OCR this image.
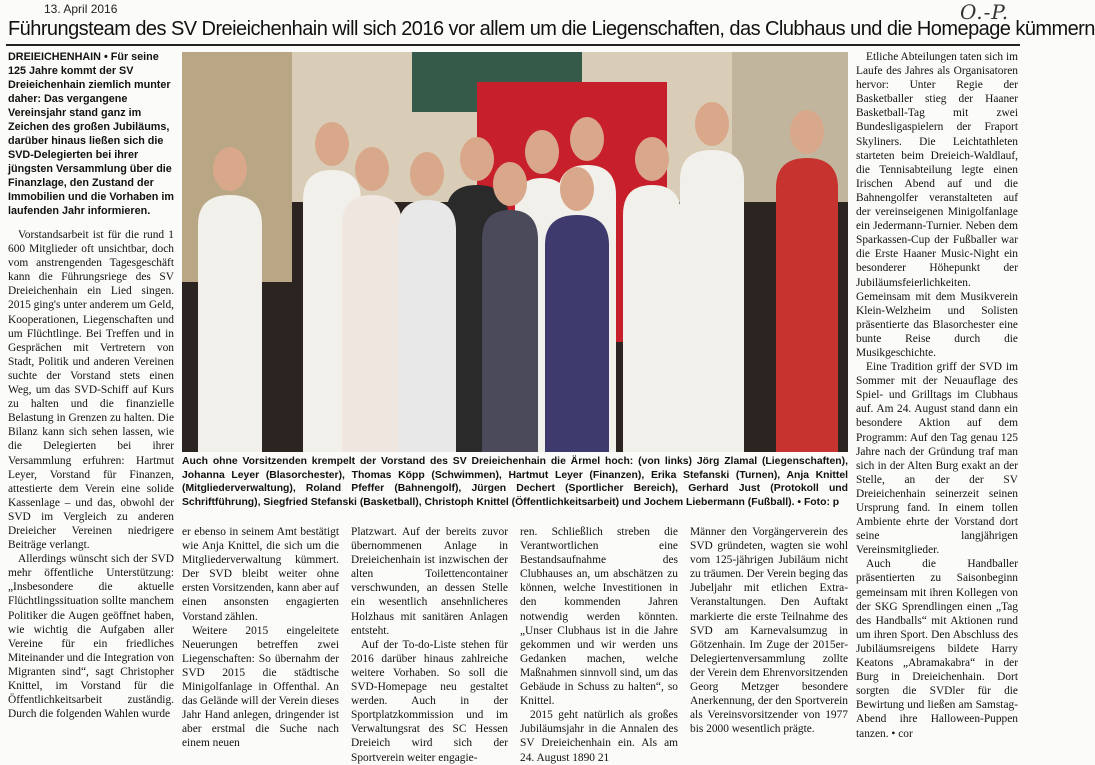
13. April 2016	O.-P.
Führungsteam des SV Dreieichenhain will sich 2016 vor allem um die Liegenschaften, das Clubhaus und die Homepage kümmern

DREIEICHENHAIN • Für seine 125 Jahre kommt der SV Dreieichenhain ziemlich munter daher: Das vergangene Vereinsjahr stand ganz im Zeichen des großen Jubiläums, darüber hinaus ließen sich die SVD-Delegierten bei ihrer jüngsten Versammlung über die Finanzlage, den Zustand der Immobilien und die Vorhaben im laufenden Jahr informieren.

Vorstandsarbeit ist für die rund 1 600 Mitglieder oft unsichtbar, doch vom anstrengenden Tagesgeschäft kann die Führungsriege des SV Dreieichenhain ein Lied singen. 2015 ging's unter anderem um Geld, Kooperationen, Liegenschaften und um Flüchtlinge. Bei Treffen und in Gesprächen mit Vertretern von Stadt, Politik und anderen Vereinen suchte der Vorstand stets einen Weg, um das SVD-Schiff auf Kurs zu halten und die finanzielle Belastung in Grenzen zu halten. Die Bilanz kann sich sehen lassen, wie die Delegierten bei ihrer Versammlung erfuhren: Hartmut Leyer, Vorstand für Finanzen, attestierte dem Verein eine solide Kassenlage – und das, obwohl der SVD im Vergleich zu anderen Dreieicher Vereinen niedrigere Beiträge verlangt.

Allerdings wünscht sich der SVD mehr öffentliche Unterstützung: „Insbesondere die aktuelle Flüchtlingssituation sollte manchem Politiker die Augen geöffnet haben, wie wichtig die Aufgaben aller Vereine für ein friedliches Miteinander und die Integration von Migranten sind“, sagt Christopher Knittel, im Vorstand für die Öffentlichkeitsarbeit zuständig. Durch die folgenden Wahlen wurde

Auch ohne Vorsitzenden krempelt der Vorstand des SV Dreieichenhain die Ärmel hoch: (von links) Jörg Zlamal (Liegenschaften), Johanna Leyer (Blasorchester), Thomas Köpp (Schwimmen), Hartmut Leyer (Finanzen), Erika Stefanski (Turnen), Anja Knittel (Mitgliederverwaltung), Roland Pfeffer (Bahnengolf), Jürgen Dechert (Sportlicher Bereich), Gerhard Just (Protokoll und Schriftführung), Siegfried Stefanski (Basketball), Christoph Knittel (Öffentlichkeitsarbeit) und Jochem Liebermann (Fußball). • Foto: p

er ebenso in seinem Amt bestätigt wie Anja Knittel, die sich um die Mitgliederverwaltung kümmert. Der SVD bleibt weiter ohne ersten Vorsitzenden, kann aber auf einen ansonsten engagierten Vorstand zählen.

Weitere 2015 eingeleitete Neuerungen betreffen zwei Liegenschaften: So übernahm der SVD 2015 die städtische Minigolfanlage in Offenthal. An das Gelände will der Verein dieses Jahr Hand anlegen, dringender ist aber erstmal die Suche nach einem neuen

Platzwart. Auf der bereits zuvor übernommenen Anlage in Dreieichenhain ist inzwischen der alten Toilettencontainer verschwunden, an dessen Stelle ein wesentlich ansehnlicheres Holzhaus mit sanitären Anlagen entsteht.

Auf der To-do-Liste stehen für 2016 darüber hinaus zahlreiche weitere Vorhaben. So soll die SVD-Homepage neu gestaltet werden. Auch in der Sportplatzkommission und im Verwaltungsrat des SC Hessen Dreieich wird sich der Sportverein weiter engagie-

ren. Schließlich streben die Verantwortlichen eine Bestandsaufnahme des Clubhauses an, um abschätzen zu können, welche Investitionen in den kommenden Jahren notwendig werden könnten. „Unser Clubhaus ist in die Jahre gekommen und wir werden uns Gedanken machen, welche Maßnahmen sinnvoll sind, um das Gebäude in Schuss zu halten“, so Knittel.

2015 geht natürlich als großes Jubiläumsjahr in die Annalen des SV Dreieichenhain ein. Als am 24. August 1890 21

Männer den Vorgängerverein des SVD gründeten, wagten sie wohl vom 125-jährigen Jubiläum nicht zu träumen. Der Verein beging das Jubeljahr mit etlichen Extra-Veranstaltungen. Den Auftakt markierte die erste Teilnahme des SVD am Karnevalsumzug in Götzenhain. Im Zuge der 2015er-Delegiertenversammlung zollte der Verein dem Ehrenvorsitzenden Georg Metzger besondere Anerkennung, der den Sportverein als Vereinsvorsitzender von 1977 bis 2000 wesentlich prägte.

Etliche Abteilungen taten sich im Laufe des Jahres als Organisatoren hervor: Unter Regie der Basketballer stieg der Haaner Basketball-Tag mit zwei Bundesligaspielern der Fraport Skyliners. Die Leichtathleten starteten beim Dreieich-Waldlauf, die Tennisabteilung legte einen Irischen Abend auf und die Bahnengolfer veranstalteten auf der vereinseigenen Minigolfanlage ein Jedermann-Turnier. Neben dem Sparkassen-Cup der Fußballer war die Erste Haaner Music-Night ein besonderer Höhepunkt der Jubiläumsfeierlichkeiten. Gemeinsam mit dem Musikverein Klein-Welzheim und Solisten präsentierte das Blasorchester eine bunte Reise durch die Musikgeschichte.

Eine Tradition griff der SVD im Sommer mit der Neuauflage des Spiel- und Grilltags im Clubhaus auf. Am 24. August stand dann ein besondere Aktion auf dem Programm: Auf den Tag genau 125 Jahre nach der Gründung traf man sich in der Alten Burg exakt an der Stelle, an der der SV Dreieichenhain seinerzeit seinen Ursprung fand. In einem tollen Ambiente ehrte der Vorstand dort seine langjährigen Vereinsmitglieder.

Auch die Handballer präsentierten zu Saisonbeginn gemeinsam mit ihren Kollegen von der SKG Sprendlingen einen „Tag des Handballs“ mit Aktionen rund um ihren Sport. Den Abschluss des Jubiläumsreigens bildete Harry Keatons „Abramakabra“ in der Burg in Dreieichenhain. Dort sorgten die SVDler für die Bewirtung und ließen am Samstag-Abend ihre Halloween-Puppen tanzen. • cor
